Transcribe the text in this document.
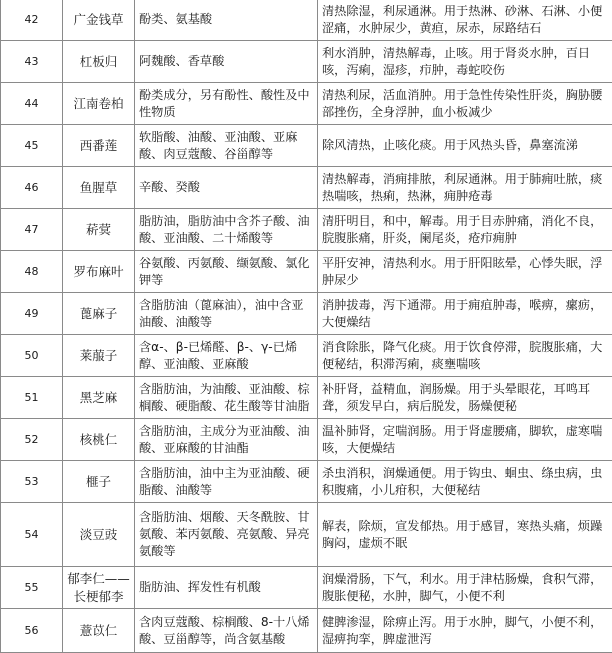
42	广金钱草	酚类、氨基酸	清热除湿，利尿通淋。用于热淋、砂淋、石淋、小便涩痛，水肿尿少，黄疸，尿赤，尿路结石
43	杠板归	阿魏酸、香草酸	利水消肿，清热解毒，止咳。用于肾炎水肿，百日咳，泻痢，湿疹，疖肿，毒蛇咬伤
44	江南卷柏	酚类成分，另有酚性、酸性及中性物质	清热利尿，活血消肿。用于急性传染性肝炎，胸胁腰部挫伤，全身浮肿，血小板减少
45	西番莲	软脂酸、油酸、亚油酸、亚麻酸、肉豆蔻酸、谷甾醇等	除风清热，止咳化痰。用于风热头昏，鼻塞流涕
46	鱼腥草	辛酸、癸酸	清热解毒，消痈排脓，利尿通淋。用于肺痈吐脓，痰热喘咳，热痢，热淋，痈肿疮毒
47	菥蓂	脂肪油，脂肪油中含芥子酸、油酸、亚油酸、二十烯酸等	清肝明目，和中，解毒。用于目赤肿痛，消化不良，脘腹胀痛，肝炎，阑尾炎，疮疖痈肿
48	罗布麻叶	谷氨酸、丙氨酸、缬氨酸、氯化钾等	平肝安神，清热利水。用于肝阳眩晕，心悸失眠，浮肿尿少
49	蓖麻子	含脂肪油（蓖麻油），油中含亚油酸、油酸等	消肿拔毒，泻下通滞。用于痈疽肿毒，喉痹，瘰疬，大便燥结
50	莱菔子	含α-、β-已烯醛、β-、γ-已烯醇、亚油酸、亚麻酸	消食除胀，降气化痰。用于饮食停滞，脘腹胀痛，大便秘结，积滞泻痢，痰壅喘咳
51	黑芝麻	含脂肪油，为油酸、亚油酸、棕榈酸、硬脂酸、花生酸等甘油脂	补肝肾，益精血，润肠燥。用于头晕眼花，耳鸣耳聋，须发早白，病后脱发，肠燥便秘
52	核桃仁	含脂肪油，主成分为亚油酸、油酸、亚麻酸的甘油酯	温补肺肾，定喘润肠。用于肾虚腰痛，脚软，虚寒喘咳，大便燥结
53	榧子	含脂肪油，油中主为亚油酸、硬脂酸、油酸等	杀虫消积，润燥通便。用于钩虫、蛔虫、绦虫病，虫积腹痛，小儿疳积，大便秘结
54	淡豆豉	含脂肪油、烟酸、天冬酰胺、甘氨酸、苯丙氨酸、亮氨酸、异亮氨酸等	解表，除烦，宣发郁热。用于感冒，寒热头痛，烦躁胸闷，虚烦不眠
55	郁李仁——长梗郁李	脂肪油、挥发性有机酸	润燥滑肠，下气，利水。用于津枯肠燥，食积气滞，腹胀便秘，水肿，脚气，小便不利
56	薏苡仁	含肉豆蔻酸、棕榈酸、8-十八烯酸、豆甾醇等，尚含氨基酸	健脾渗湿，除痹止泻。用于水肿，脚气，小便不利，湿痹拘挛，脾虚泄泻
